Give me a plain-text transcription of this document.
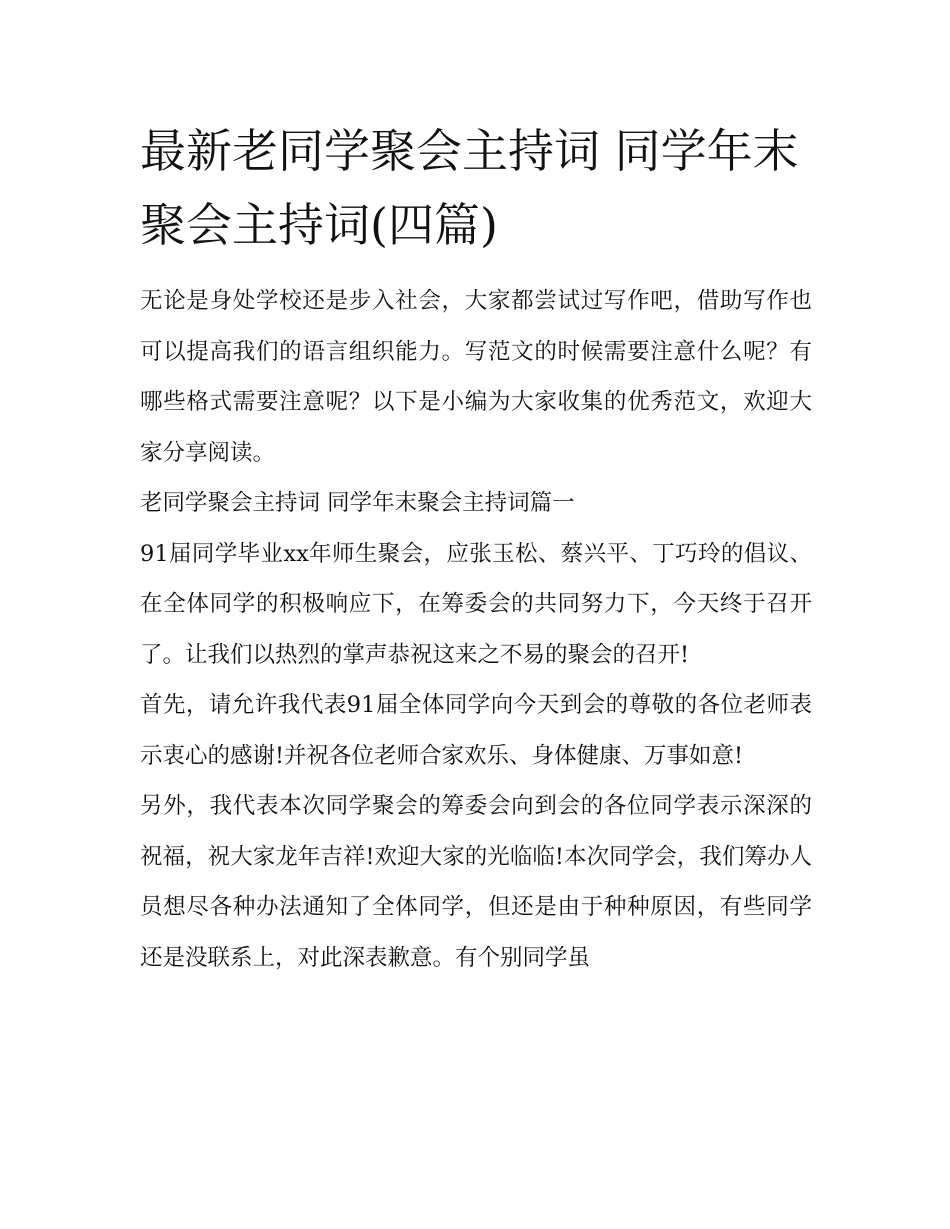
最新老同学聚会主持词 同学年末聚会主持词(四篇)

无论是身处学校还是步入社会，大家都尝试过写作吧，借助写作也可以提高我们的语言组织能力。写范文的时候需要注意什么呢？有哪些格式需要注意呢？以下是小编为大家收集的优秀范文，欢迎大家分享阅读。

老同学聚会主持词 同学年末聚会主持词篇一

91届同学毕业xx年师生聚会，应张玉松、蔡兴平、丁巧玲的倡议、在全体同学的积极响应下，在筹委会的共同努力下，今天终于召开了。让我们以热烈的掌声恭祝这来之不易的聚会的召开!

首先，请允许我代表91届全体同学向今天到会的尊敬的各位老师表示衷心的感谢!并祝各位老师合家欢乐、身体健康、万事如意!

另外，我代表本次同学聚会的筹委会向到会的各位同学表示深深的祝福，祝大家龙年吉祥!欢迎大家的光临临!本次同学会，我们筹办人员想尽各种办法通知了全体同学，但还是由于种种原因，有些同学还是没联系上，对此深表歉意。有个别同学虽
